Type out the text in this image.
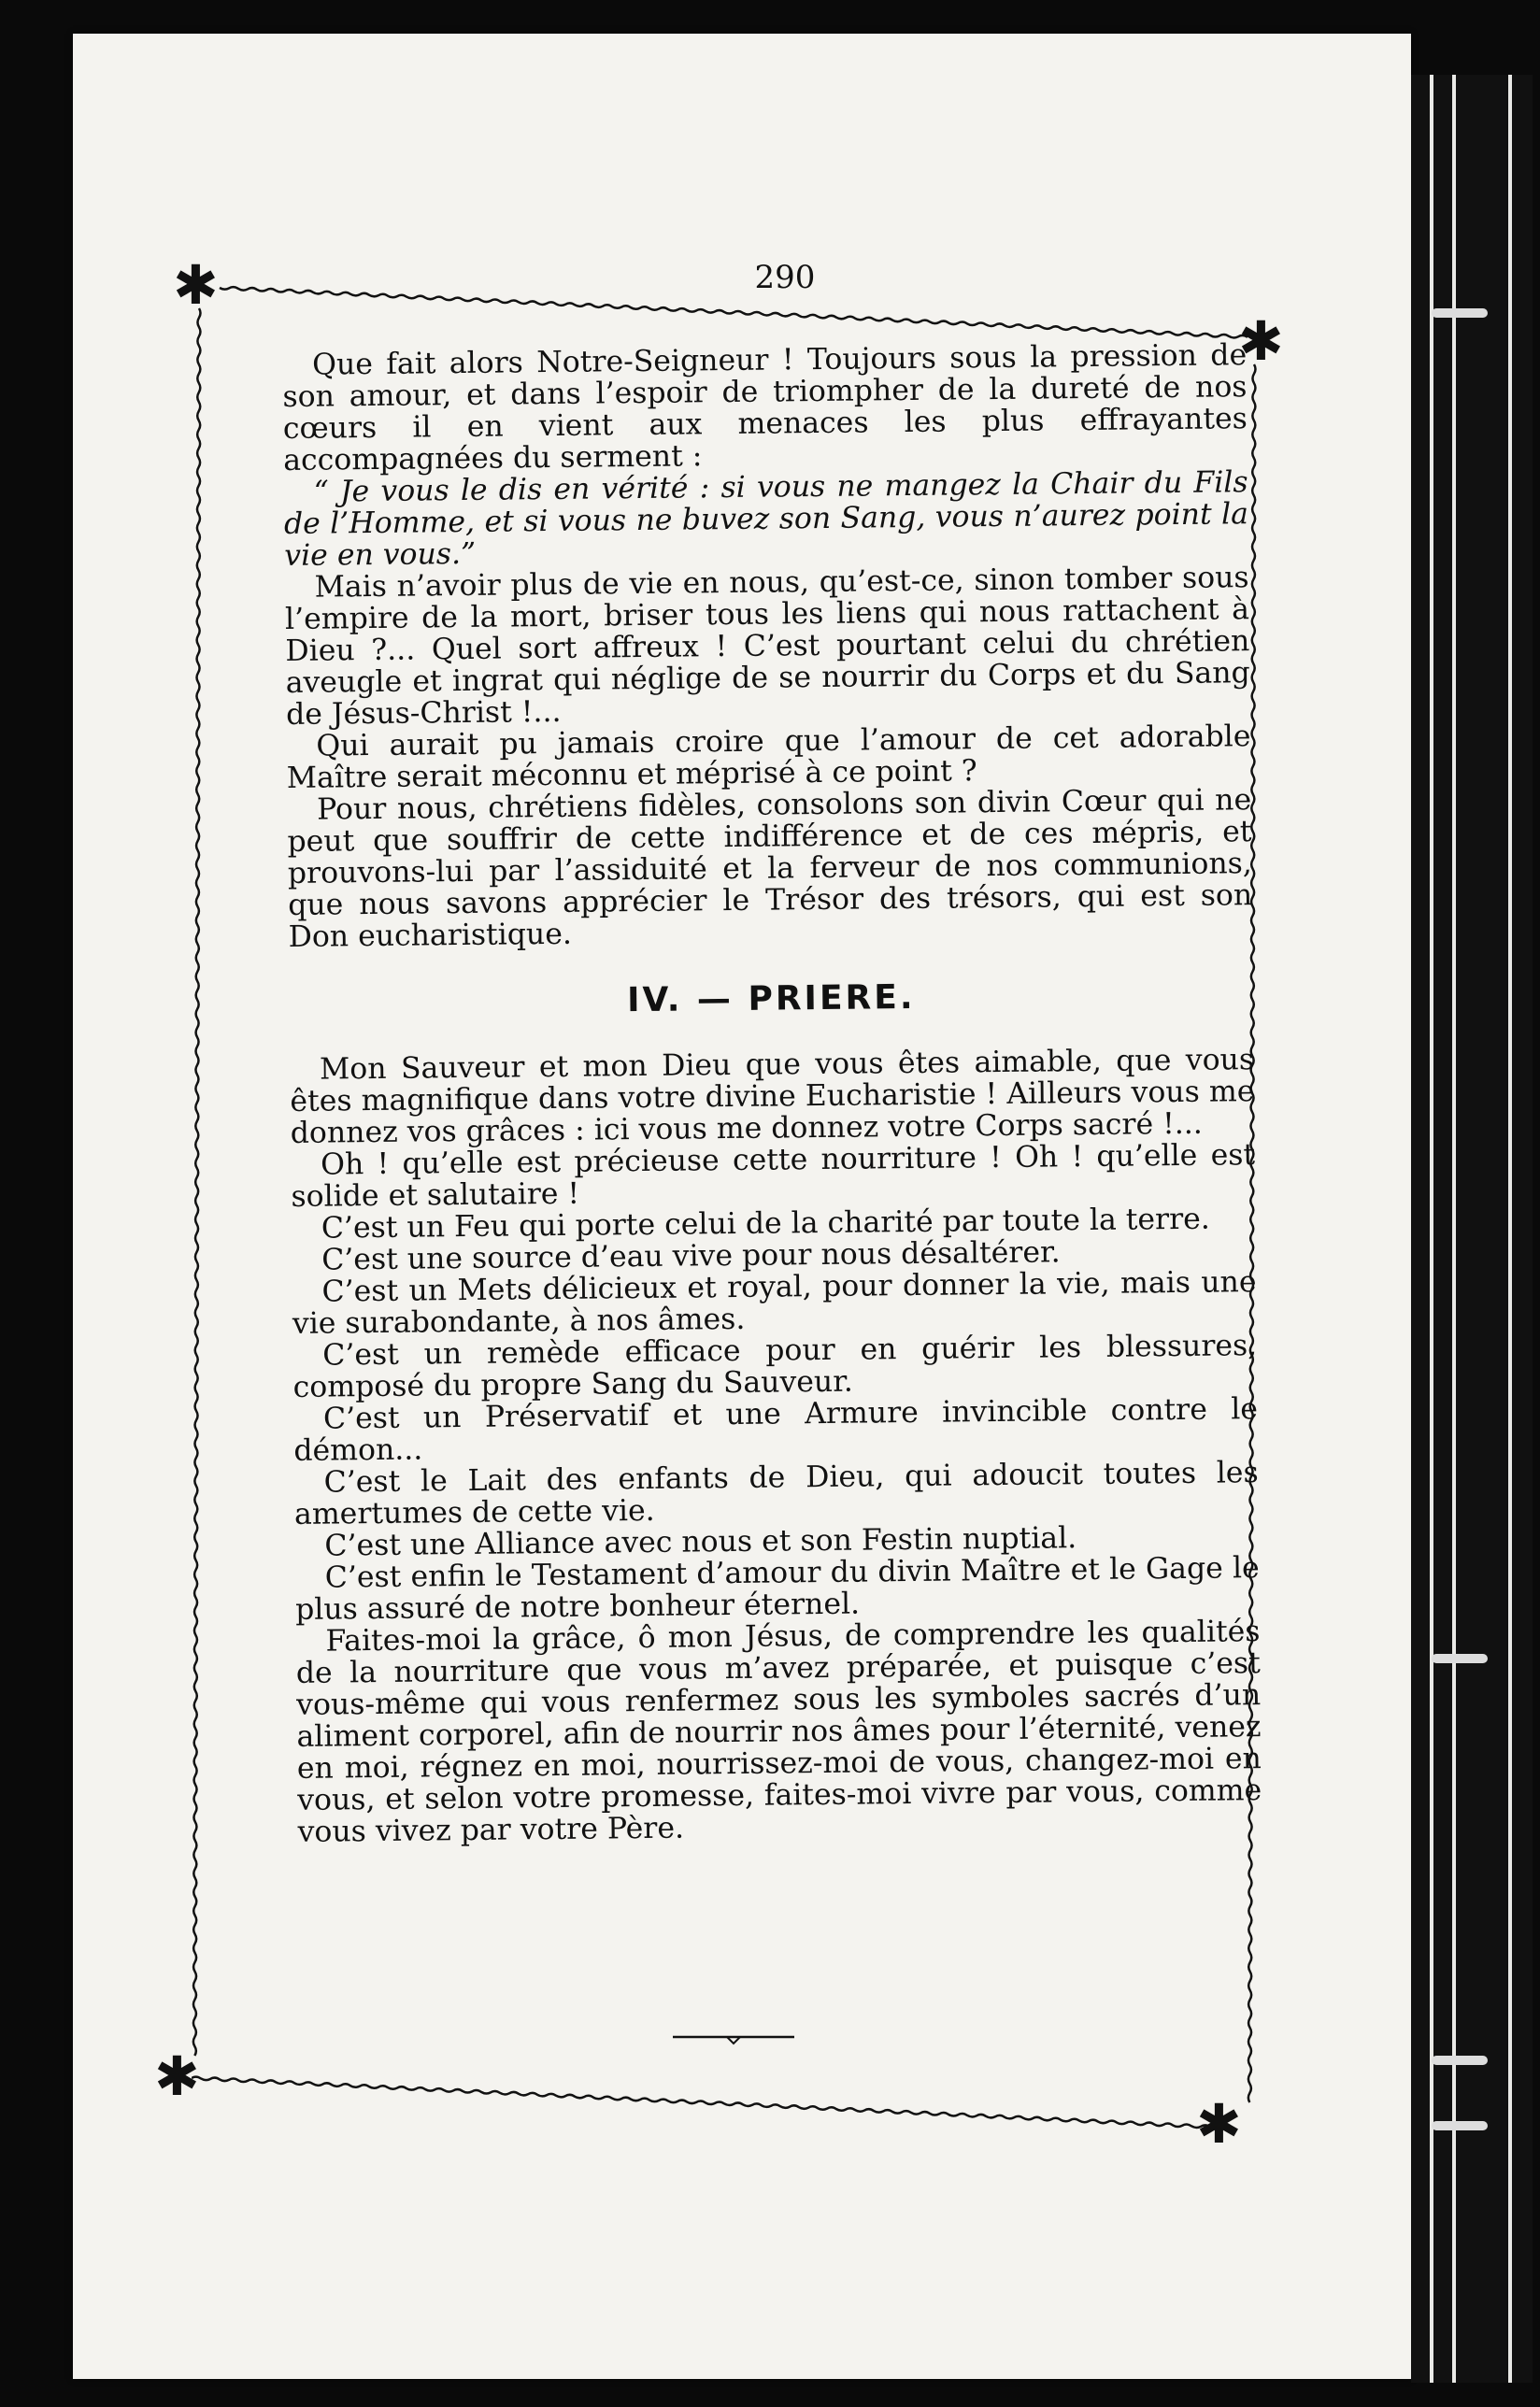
290
✱
✱
✱
✱

Que fait alors Notre-Seigneur ! Toujours sous la pression de son amour, et dans l’espoir de triompher de la dureté de nos cœurs il en vient aux menaces les plus effrayantes accompagnées du serment :

“ Je vous le dis en vérité : si vous ne mangez la Chair du Fils de l’Homme, et si vous ne buvez son Sang, vous n’aurez point la vie en vous.”

Mais n’avoir plus de vie en nous, qu’est-ce, sinon tomber sous l’empire de la mort, briser tous les liens qui nous rattachent à Dieu ?... Quel sort affreux ! C’est pourtant celui du chrétien aveugle et ingrat qui néglige de se nourrir du Corps et du Sang de Jésus-Christ !...

Qui aurait pu jamais croire que l’amour de cet adorable Maître serait méconnu et méprisé à ce point ?

Pour nous, chrétiens fidèles, consolons son divin Cœur qui ne peut que souffrir de cette indifférence et de ces mépris, et prouvons-lui par l’assiduité et la ferveur de nos communions, que nous savons apprécier le Trésor des trésors, qui est son Don eucharistique.

IV. — PRIERE.

Mon Sauveur et mon Dieu que vous êtes aimable, que vous êtes magnifique dans votre divine Eucharistie ! Ailleurs vous me donnez vos grâces : ici vous me donnez votre Corps sacré !...

Oh ! qu’elle est précieuse cette nourriture ! Oh ! qu’elle est solide et salutaire !

C’est un Feu qui porte celui de la charité par toute la terre.

C’est une source d’eau vive pour nous désaltérer.

C’est un Mets délicieux et royal, pour donner la vie, mais une vie surabondante, à nos âmes.

C’est un remède efficace pour en guérir les blessures, composé du propre Sang du Sauveur.

C’est un Préservatif et une Armure invincible contre le démon...

C’est le Lait des enfants de Dieu, qui adoucit toutes les amertumes de cette vie.

C’est une Alliance avec nous et son Festin nuptial.

C’est enfin le Testament d’amour du divin Maître et le Gage le plus assuré de notre bonheur éternel.

Faites-moi la grâce, ô mon Jésus, de comprendre les qualités de la nourriture que vous m’avez préparée, et puisque c’est vous-même qui vous renfermez sous les symboles sacrés d’un aliment corporel, afin de nourrir nos âmes pour l’éternité, venez en moi, régnez en moi, nourrissez-moi de vous, changez-moi en vous, et selon votre promesse, faites-moi vivre par vous, comme vous vivez par votre Père.
